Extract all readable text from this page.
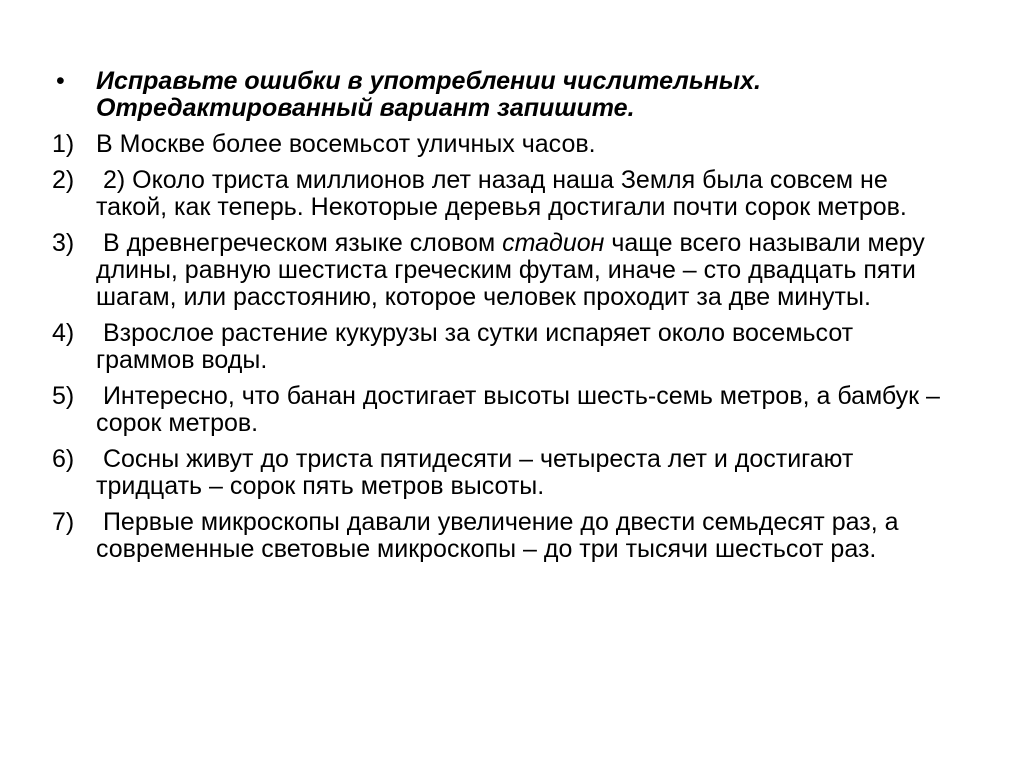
•	Исправьте ошибки в употреблении числительных. Отредактированный вариант запишите.
1) В Москве более восемьсот уличных часов.
2) 2) Около триста миллионов лет назад наша Земля была совсем не такой, как теперь. Некоторые деревья достигали почти сорок метров.
3) В древнегреческом языке словом стадион чаще всего называли меру длины, равную шестиста греческим футам, иначе – сто двадцать пяти шагам, или расстоянию, которое человек проходит за две минуты.
4) Взрослое растение кукурузы за сутки испаряет около восемьсот граммов воды.
5) Интересно, что банан достигает высоты шесть-семь метров, а бамбук – сорок метров.
6) Сосны живут до триста пятидесяти – четыреста лет и достигают тридцать – сорок пять метров высоты.
7) Первые микроскопы давали увеличение до двести семьдесят раз, а современные световые микроскопы – до три тысячи шестьсот раз.
